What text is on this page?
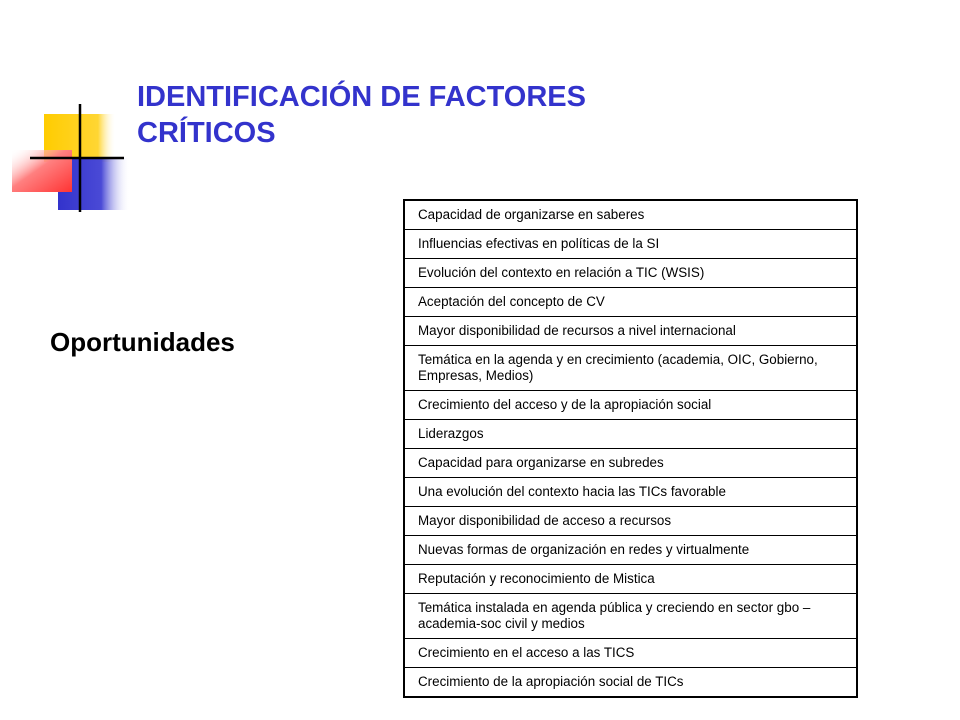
IDENTIFICACIÓN DE FACTORES
CRÍTICOS
Oportunidades
Capacidad de organizarse en saberes
Influencias efectivas en políticas de la SI
Evolución del contexto en relación a TIC (WSIS)
Aceptación del concepto de CV
Mayor disponibilidad de recursos a nivel internacional
Temática en la agenda y en crecimiento (academia, OIC, Gobierno, Empresas, Medios)
Crecimiento del acceso y de la apropiación social
Liderazgos
Capacidad para organizarse en subredes
Una evolución del contexto hacia las TICs favorable
Mayor disponibilidad de acceso a recursos
Nuevas formas de organización en redes y virtualmente
Reputación y reconocimiento de Mistica
Temática instalada en agenda pública y creciendo en sector gbo – academia-soc civil y medios
Crecimiento en el acceso a las TICS
Crecimiento de la apropiación social de TICs
